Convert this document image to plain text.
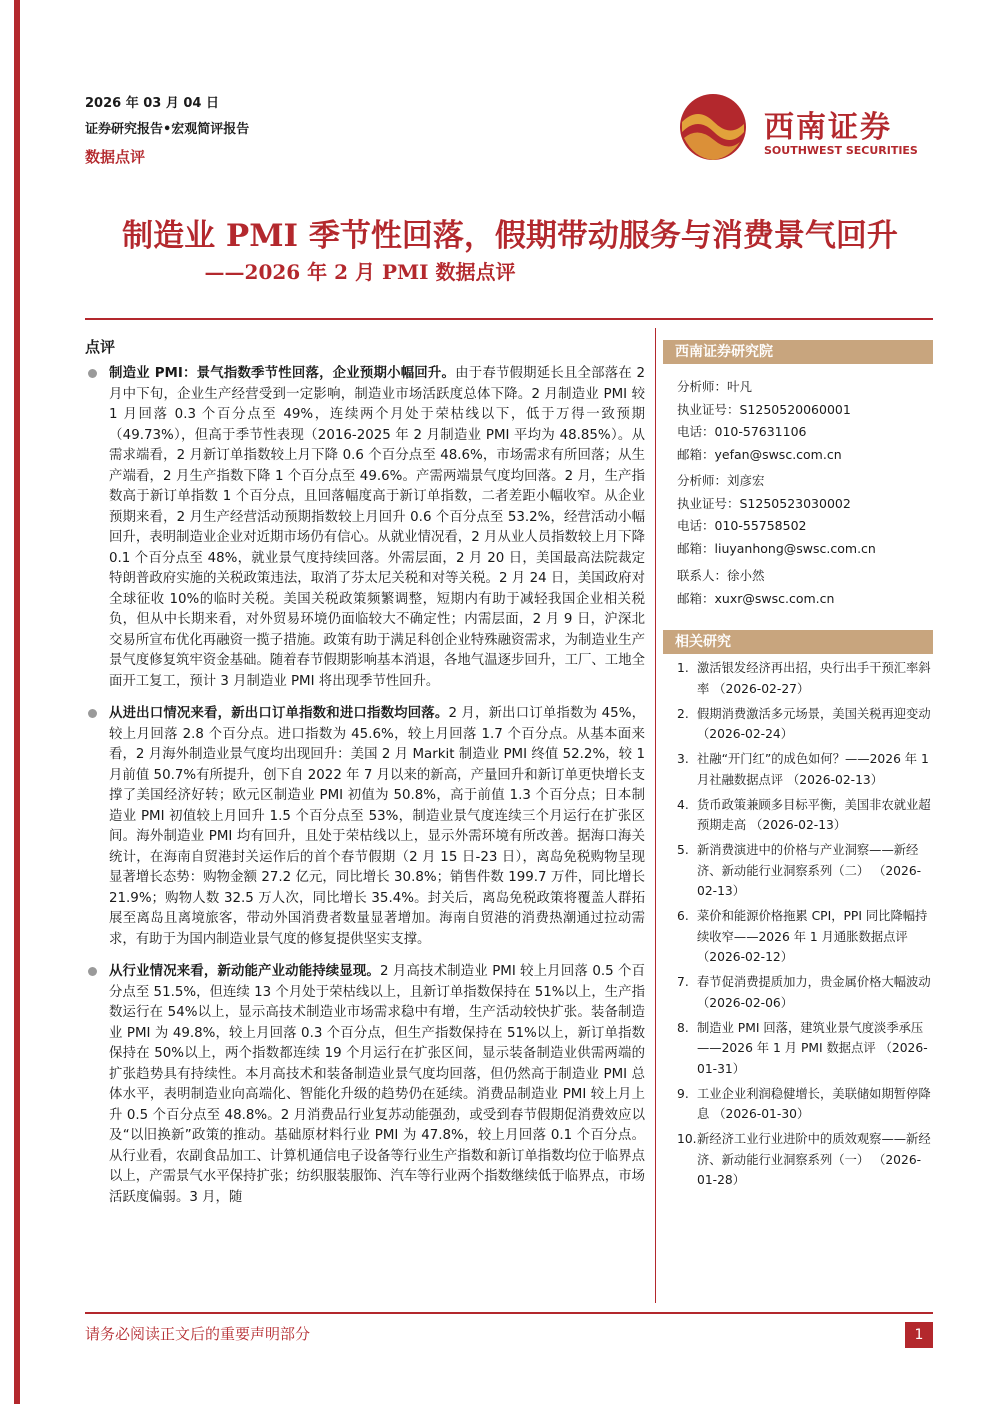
2026 年 03 月 04 日
证券研究报告•宏观简评报告
数据点评
西南证券
SOUTHWEST SECURITIES
制造业 PMI 季节性回落，假期带动服务与消费景气回升
——2026 年 2 月 PMI 数据点评
点评
制造业 PMI：景气指数季节性回落，企业预期小幅回升。由于春节假期延长且全部落在 2 月中下旬，企业生产经营受到一定影响，制造业市场活跃度总体下降。2 月制造业 PMI 较 1 月回落 0.3 个百分点至 49%，连续两个月处于荣枯线以下，低于万得一致预期（49.73%），但高于季节性表现（2016-2025 年 2 月制造业 PMI 平均为 48.85%）。从需求端看，2 月新订单指数较上月下降 0.6 个百分点至 48.6%，市场需求有所回落；从生产端看，2 月生产指数下降 1 个百分点至 49.6%。产需两端景气度均回落。2 月，生产指数高于新订单指数 1 个百分点，且回落幅度高于新订单指数，二者差距小幅收窄。从企业预期来看，2 月生产经营活动预期指数较上月回升 0.6 个百分点至 53.2%，经营活动小幅回升，表明制造业企业对近期市场仍有信心。从就业情况看，2 月从业人员指数较上月下降 0.1 个百分点至 48%，就业景气度持续回落。外需层面，2 月 20 日，美国最高法院裁定特朗普政府实施的关税政策违法，取消了芬太尼关税和对等关税。2 月 24 日，美国政府对全球征收 10%的临时关税。美国关税政策频繁调整，短期内有助于减轻我国企业相关税负，但从中长期来看，对外贸易环境仍面临较大不确定性；内需层面，2 月 9 日，沪深北交易所宣布优化再融资一揽子措施。政策有助于满足科创企业特殊融资需求，为制造业生产景气度修复筑牢资金基础。随着春节假期影响基本消退，各地气温逐步回升，工厂、工地全面开工复工，预计 3 月制造业 PMI 将出现季节性回升。
从进出口情况来看，新出口订单指数和进口指数均回落。2 月，新出口订单指数为 45%，较上月回落 2.8 个百分点。进口指数为 45.6%，较上月回落 1.7 个百分点。从基本面来看，2 月海外制造业景气度均出现回升：美国 2 月 Markit 制造业 PMI 终值 52.2%，较 1 月前值 50.7%有所提升，创下自 2022 年 7 月以来的新高，产量回升和新订单更快增长支撑了美国经济好转；欧元区制造业 PMI 初值为 50.8%，高于前值 1.3 个百分点；日本制造业 PMI 初值较上月回升 1.5 个百分点至 53%，制造业景气度连续三个月运行在扩张区间。海外制造业 PMI 均有回升，且处于荣枯线以上，显示外需环境有所改善。据海口海关统计，在海南自贸港封关运作后的首个春节假期（2 月 15 日-23 日），离岛免税购物呈现显著增长态势：购物金额 27.2 亿元，同比增长 30.8%；销售件数 199.7 万件，同比增长 21.9%；购物人数 32.5 万人次，同比增长 35.4%。封关后，离岛免税政策将覆盖人群拓展至离岛且离境旅客，带动外国消费者数量显著增加。海南自贸港的消费热潮通过拉动需求，有助于为国内制造业景气度的修复提供坚实支撑。
从行业情况来看，新动能产业动能持续显现。2 月高技术制造业 PMI 较上月回落 0.5 个百分点至 51.5%，但连续 13 个月处于荣枯线以上，且新订单指数保持在 51%以上，生产指数运行在 54%以上，显示高技术制造业市场需求稳中有增，生产活动较快扩张。装备制造业 PMI 为 49.8%，较上月回落 0.3 个百分点，但生产指数保持在 51%以上，新订单指数保持在 50%以上，两个指数都连续 19 个月运行在扩张区间，显示装备制造业供需两端的扩张趋势具有持续性。本月高技术和装备制造业景气度均回落，但仍然高于制造业 PMI 总体水平，表明制造业向高端化、智能化升级的趋势仍在延续。消费品制造业 PMI 较上月上升 0.5 个百分点至 48.8%。2 月消费品行业复苏动能强劲，或受到春节假期促消费效应以及“以旧换新”政策的推动。基础原材料行业 PMI 为 47.8%，较上月回落 0.1 个百分点。从行业看，农副食品加工、计算机通信电子设备等行业生产指数和新订单指数均位于临界点以上，产需景气水平保持扩张；纺织服装服饰、汽车等行业两个指数继续低于临界点，市场活跃度偏弱。3 月，随
西南证券研究院
分析师：叶凡
执业证号：S1250520060001
电话：010-57631106
邮箱：yefan@swsc.com.cn
分析师：刘彦宏
执业证号：S1250523030002
电话：010-55758502
邮箱：liuyanhong@swsc.com.cn
联系人：徐小然
邮箱：xuxr@swsc.com.cn
相关研究
1. 激活银发经济再出招，央行出手干预汇率斜率 （2026-02-27）
2. 假期消费激活多元场景，美国关税再迎变动 （2026-02-24）
3. 社融“开门红”的成色如何？——2026 年 1 月社融数据点评 （2026-02-13）
4. 货币政策兼顾多目标平衡，美国非农就业超预期走高 （2026-02-13）
5. 新消费演进中的价格与产业洞察——新经济、新动能行业洞察系列（二） （2026-02-13）
6. 菜价和能源价格拖累 CPI，PPI 同比降幅持续收窄——2026 年 1 月通胀数据点评 （2026-02-12）
7. 春节促消费提质加力，贵金属价格大幅波动 （2026-02-06）
8. 制造业 PMI 回落，建筑业景气度淡季承压——2026 年 1 月 PMI 数据点评 （2026-01-31）
9. 工业企业利润稳健增长，美联储如期暂停降息 （2026-01-30）
10. 新经济工业行业进阶中的质效观察——新经济、新动能行业洞察系列（一） （2026-01-28）
请务必阅读正文后的重要声明部分	1
